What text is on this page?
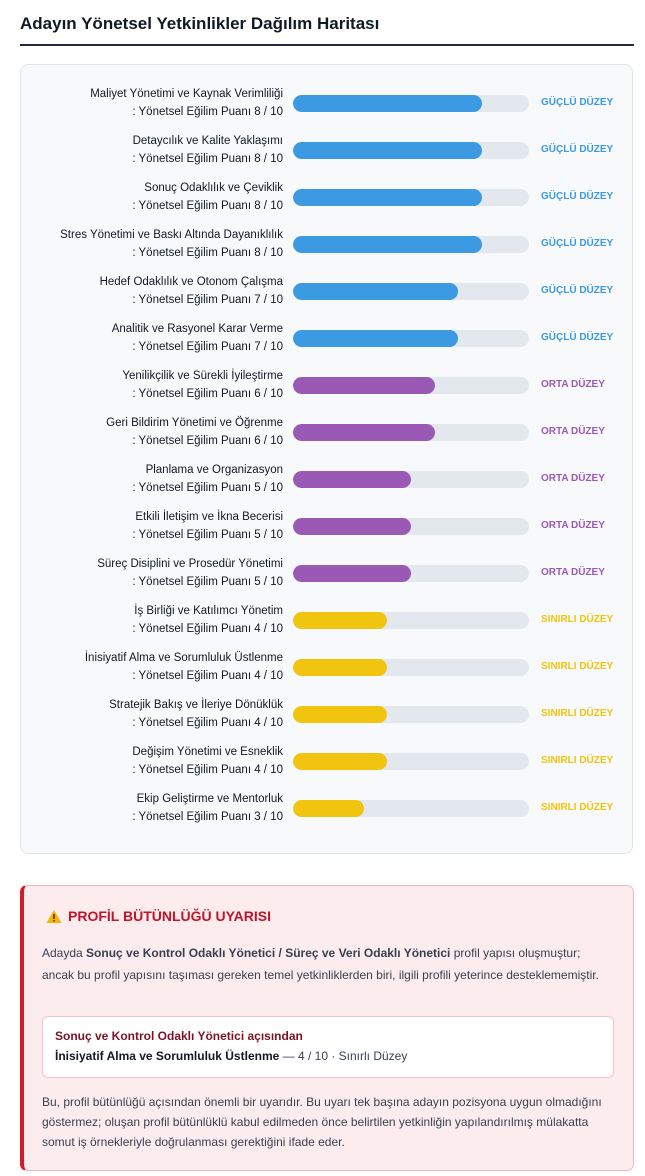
Adayın Yönetsel Yetkinlikler Dağılım Haritası
Maliyet Yönetimi ve Kaynak Verimliliği
: Yönetsel Eğilim Puanı 8 / 10
GÜÇLÜ DÜZEY
Detaycılık ve Kalite Yaklaşımı
: Yönetsel Eğilim Puanı 8 / 10
GÜÇLÜ DÜZEY
Sonuç Odaklılık ve Çeviklik
: Yönetsel Eğilim Puanı 8 / 10
GÜÇLÜ DÜZEY
Stres Yönetimi ve Baskı Altında Dayanıklılık
: Yönetsel Eğilim Puanı 8 / 10
GÜÇLÜ DÜZEY
Hedef Odaklılık ve Otonom Çalışma
: Yönetsel Eğilim Puanı 7 / 10
GÜÇLÜ DÜZEY
Analitik ve Rasyonel Karar Verme
: Yönetsel Eğilim Puanı 7 / 10
GÜÇLÜ DÜZEY
Yenilikçilik ve Sürekli İyileştirme
: Yönetsel Eğilim Puanı 6 / 10
ORTA DÜZEY
Geri Bildirim Yönetimi ve Öğrenme
: Yönetsel Eğilim Puanı 6 / 10
ORTA DÜZEY
Planlama ve Organizasyon
: Yönetsel Eğilim Puanı 5 / 10
ORTA DÜZEY
Etkili İletişim ve İkna Becerisi
: Yönetsel Eğilim Puanı 5 / 10
ORTA DÜZEY
Süreç Disiplini ve Prosedür Yönetimi
: Yönetsel Eğilim Puanı 5 / 10
ORTA DÜZEY
İş Birliği ve Katılımcı Yönetim
: Yönetsel Eğilim Puanı 4 / 10
SINIRLI DÜZEY
İnisiyatif Alma ve Sorumluluk Üstlenme
: Yönetsel Eğilim Puanı 4 / 10
SINIRLI DÜZEY
Stratejik Bakış ve İleriye Dönüklük
: Yönetsel Eğilim Puanı 4 / 10
SINIRLI DÜZEY
Değişim Yönetimi ve Esneklik
: Yönetsel Eğilim Puanı 4 / 10
SINIRLI DÜZEY
Ekip Geliştirme ve Mentorluk
: Yönetsel Eğilim Puanı 3 / 10
SINIRLI DÜZEY
PROFİL BÜTÜNLÜĞÜ UYARISI
Adayda Sonuç ve Kontrol Odaklı Yönetici / Süreç ve Veri Odaklı Yönetici profil yapısı oluşmuştur; ancak bu profil yapısını taşıması gereken temel yetkinliklerden biri, ilgili profili yeterince desteklememiştir.
Sonuç ve Kontrol Odaklı Yönetici açısından
İnisiyatif Alma ve Sorumluluk Üstlenme — 4 / 10 · Sınırlı Düzey
Bu, profil bütünlüğü açısından önemli bir uyarıdır. Bu uyarı tek başına adayın pozisyona uygun olmadığını göstermez; oluşan profil bütünlüklü kabul edilmeden önce belirtilen yetkinliğin yapılandırılmış mülakatta somut iş örnekleriyle doğrulanması gerektiğini ifade eder.
